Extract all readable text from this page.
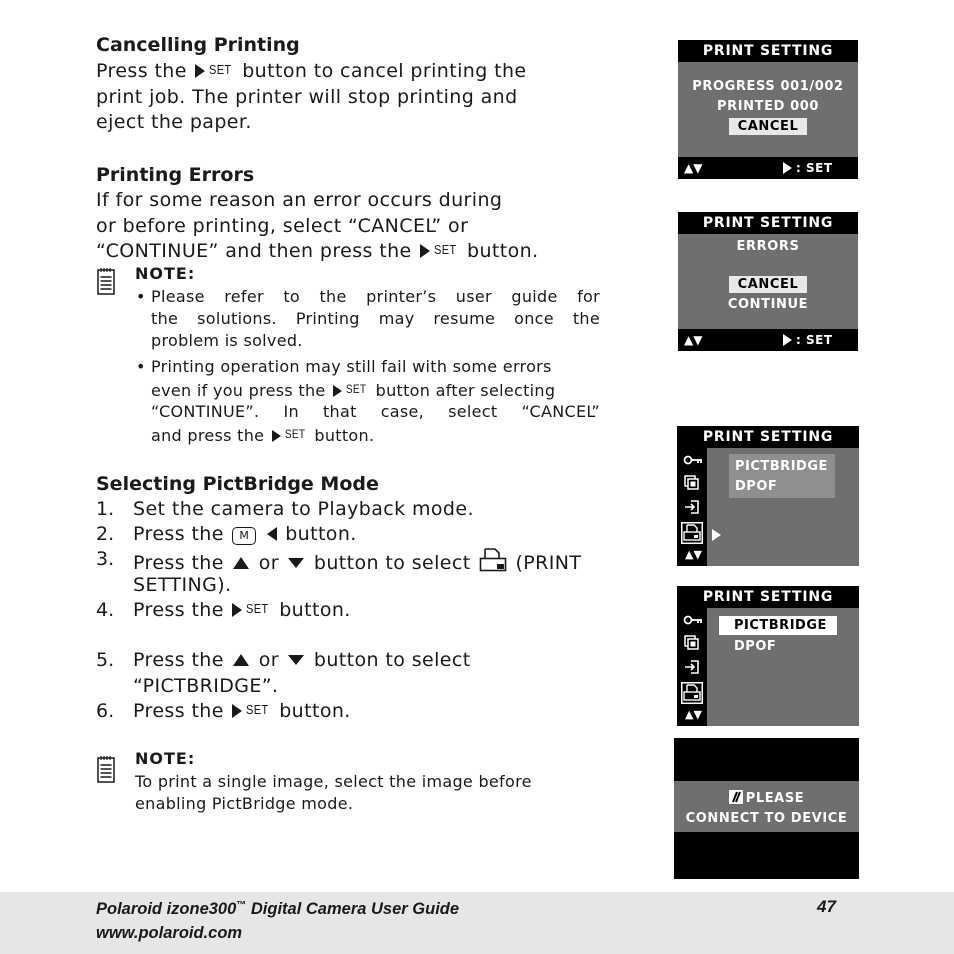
Cancelling Printing
Press the SET button to cancel printing the
print job. The printer will stop printing and
eject the paper.
Printing Errors
If for some reason an error occurs during
or before printing, select “CANCEL” or
“CONTINUE” and then press the SET button.
NOTE:
• Please refer to the printer’s user guide for
the solutions. Printing may resume once the
problem is solved.
• Printing operation may still fail with some errors
even if you press the SET button after selecting
“CONTINUE”. In that case, select “CANCEL”
and press the SET button.
Selecting PictBridge Mode
1. Set the camera to Playback mode.
2. Press the M button.
3. Press the or button to select (PRINT
SETTING).
4. Press the SET button.
5. Press the or button to select
“PICTBRIDGE”.
6. Press the SET button.
NOTE:
To print a single image, select the image before
enabling PictBridge mode.
PRINT SETTING
PROGRESS 001/002
PRINTED 000
CANCEL
▲▼	: SET
PRINT SETTING
ERRORS
CANCEL
CONTINUE
▲▼	: SET
PRINT SETTING
▲▼
PICTBRIDGE
DPOF
PRINT SETTING
▲▼
PICTBRIDGE
DPOF
PLEASE
CONNECT TO DEVICE
Polaroid izone300™ Digital Camera User Guide
www.polaroid.com
47
